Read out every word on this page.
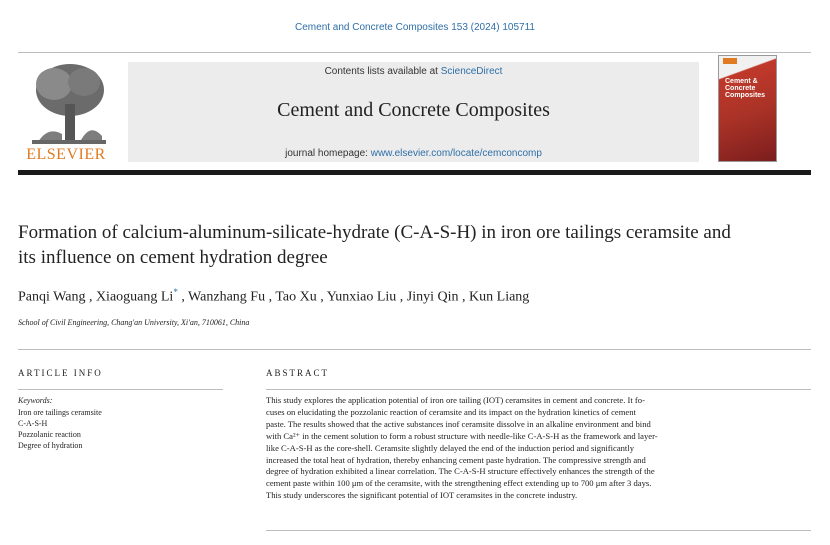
Cement and Concrete Composites 153 (2024) 105711
ELSEVIER
Contents lists available at ScienceDirect
Cement and Concrete Composites
journal homepage: www.elsevier.com/locate/cemconcomp
Cement & Concrete Composites
Formation of calcium-aluminum-silicate-hydrate (C-A-S-H) in iron ore tailings ceramsite and its influence on cement hydration degree
Panqi Wang , Xiaoguang Li* , Wanzhang Fu , Tao Xu , Yunxiao Liu , Jinyi Qin , Kun Liang
School of Civil Engineering, Chang'an University, Xi'an, 710061, China
ARTICLE INFO	ABSTRACT
Keywords:
Iron ore tailings ceramsite
C-A-S-H
Pozzolanic reaction
Degree of hydration
This study explores the application potential of iron ore tailing (IOT) ceramsites in cement and concrete. It fo-
cuses on elucidating the pozzolanic reaction of ceramsite and its impact on the hydration kinetics of cement
paste. The results showed that the active substances inof ceramsite dissolve in an alkaline environment and bind
with Ca²⁺ in the cement solution to form a robust structure with needle-like C-A-S-H as the framework and layer-
like C-A-S-H as the core-shell. Ceramsite slightly delayed the end of the induction period and significantly
increased the total heat of hydration, thereby enhancing cement paste hydration. The compressive strength and
degree of hydration exhibited a linear correlation. The C-A-S-H structure effectively enhances the strength of the
cement paste within 100 μm of the ceramsite, with the strengthening effect extending up to 700 μm after 3 days.
This study underscores the significant potential of IOT ceramsites in the concrete industry.
